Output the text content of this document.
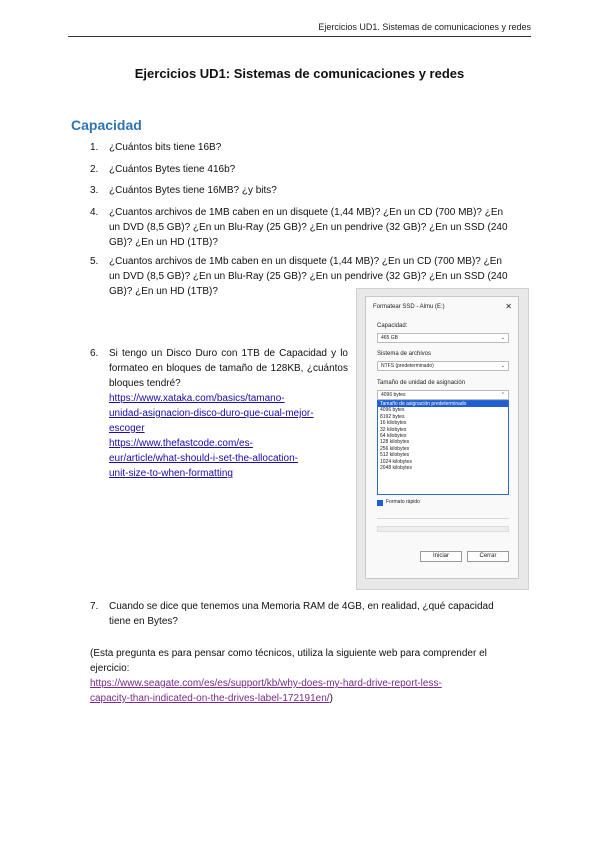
Ejercicios UD1. Sistemas de comunicaciones y redes
Ejercicios UD1: Sistemas de comunicaciones y redes
Capacidad
1.	¿Cuántos bits tiene 16B?
2.	¿Cuántos Bytes tiene 416b?
3.	¿Cuántos Bytes tiene 16MB? ¿y bits?
4.	¿Cuantos archivos de 1MB caben en un disquete (1,44 MB)? ¿En un CD (700 MB)? ¿En
un DVD (8,5 GB)? ¿En un Blu-Ray (25 GB)? ¿En un pendrive (32 GB)? ¿En un SSD (240
GB)? ¿En un HD (1TB)?
5.	¿Cuantos archivos de 1Mb caben en un disquete (1,44 MB)? ¿En un CD (700 MB)? ¿En
un DVD (8,5 GB)? ¿En un Blu-Ray (25 GB)? ¿En un pendrive (32 GB)? ¿En un SSD (240
GB)? ¿En un HD (1TB)?
6. Si tengo un Disco Duro con 1TB de Capacidad y lo formateo en bloques de tamaño de 128KB, ¿cuántos bloques tendré?
https://www.xataka.com/basics/tamano-
unidad-asignacion-disco-duro-que-cual-mejor-
escoger
https://www.thefastcode.com/es-
eur/article/what-should-i-set-the-allocation-
unit-size-to-when-formatting
Formatear SSD - Almu (E:)	✕
Capacidad:
465 GB	⌄
Sistema de archivos
NTFS (predeterminado)	⌄
Tamaño de unidad de asignación
4096 bytes	⌃
Tamaño de asignación predeterminado
4096 bytes
8192 bytes
16 kilobytes
32 kilobytes
64 kilobytes
128 kilobytes
256 kilobytes
512 kilobytes
1024 kilobytes
2048 kilobytes
Formato rápido
Iniciar	Cerrar
7.	Cuando se dice que tenemos una Memoria RAM de 4GB, en realidad, ¿qué capacidad
tiene en Bytes?
(Esta pregunta es para pensar como técnicos, utiliza la siguiente web para comprender el
ejercicio:
https://www.seagate.com/es/es/support/kb/why-does-my-hard-drive-report-less-
capacity-than-indicated-on-the-drives-label-172191en/)
